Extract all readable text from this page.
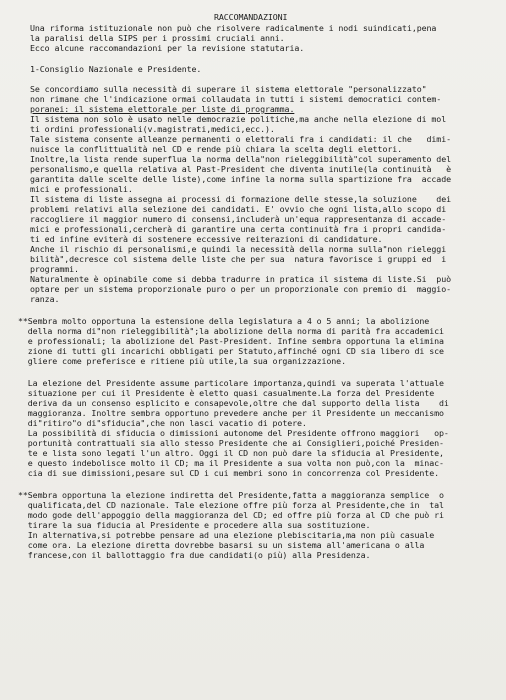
RACCOMANDAZIONI
Una riforma istituzionale non può che risolvere radicalmente i nodi suindicati,pena
la paralisi della SIPS per i prossimi cruciali anni.
Ecco alcune raccomandazioni per la revisione statutaria.
1-Consiglio Nazionale e Presidente.
Se concordiamo sulla necessità di superare il sistema elettorale "personalizzato"
non rimane che l'indicazione ormai collaudata in tutti i sistemi democratici contem-
poranei: il sistema elettorale per liste di programma.
Il sistema non solo è usato nelle democrazie politiche,ma anche nella elezione di mol
ti ordini professionali(v.magistrati,medici,ecc.).
Tale sistema consente alleanze permanenti o elettorali fra i candidati: il che   dimi-
nuisce la conflittualità nel CD e rende più chiara la scelta degli elettori.
Inoltre,la lista rende superflua la norma della"non rieleggibilità"col superamento del
personalismo,e quella relativa al Past-President che diventa inutile(la continuità   è
garantita dalle scelte delle liste),come infine la norma sulla spartizione fra  accade
mici e professionali.
Il sistema di liste assegna ai processi di formazione delle stesse,la soluzione    dei
problemi relativi alla selezione dei candidati. E' ovvio che ogni lista,allo scopo di
raccogliere il maggior numero di consensi,includerà un'equa rappresentanza di accade-
mici e professionali,cercherà di garantire una certa continuità fra i propri candida-
ti ed infine eviterà di sostenere eccessive reiterazioni di candidature.
Anche il rischio di personalismi,e quindi la necessità della norma sulla"non rieleggi
bilità",decresce col sistema delle liste che per sua  natura favorisce i gruppi ed  i
programmi.
Naturalmente è opinabile come si debba tradurre in pratica il sistema di liste.Si  può
optare per un sistema proporzionale puro o per un proporzionale con premio di  maggio-
ranza.
**Sembra molto opportuna la estensione della legislatura a 4 o 5 anni; la abolizione
della norma di"non rieleggibilità";la abolizione della norma di parità fra accademici
e professionali; la abolizione del Past-President. Infine sembra opportuna la elimina
zione di tutti gli incarichi obbligati per Statuto,affinché ogni CD sia libero di sce
gliere come preferisce e ritiene più utile,la sua organizzazione.
La elezione del Presidente assume particolare importanza,quindi va superata l'attuale
situazione per cui il Presidente è eletto quasi casualmente.La forza del Presidente
deriva da un consenso esplicito e consapevole,oltre che dal supporto della lista    di
maggioranza. Inoltre sembra opportuno prevedere anche per il Presidente un meccanismo
di"ritiro"o di"sfiducia",che non lasci vacatio di potere.
La possibilità di sfiducia o dimissioni autonome del Presidente offrono maggiori   op-
portunità contrattuali sia allo stesso Presidente che ai Consiglieri,poiché Presiden-
te e lista sono legati l'un altro. Oggi il CD non può dare la sfiducia al Presidente,
e questo indebolisce molto il CD; ma il Presidente a sua volta non può,con la  minac-
cia di sue dimissioni,pesare sul CD i cui membri sono in concorrenza col Presidente.
**Sembra opportuna la elezione indiretta del Presidente,fatta a maggioranza semplice  o
qualificata,del CD nazionale. Tale elezione offre più forza al Presidente,che in  tal
modo gode dell'appoggio della maggioranza del CD; ed offre più forza al CD che può ri
tirare la sua fiducia al Presidente e procedere alla sua sostituzione.
In alternativa,si potrebbe pensare ad una elezione plebiscitaria,ma non più casuale
come ora. La elezione diretta dovrebbe basarsi su un sistema all'americana o alla
francese,con il ballottaggio fra due candidati(o più) alla Presidenza.
